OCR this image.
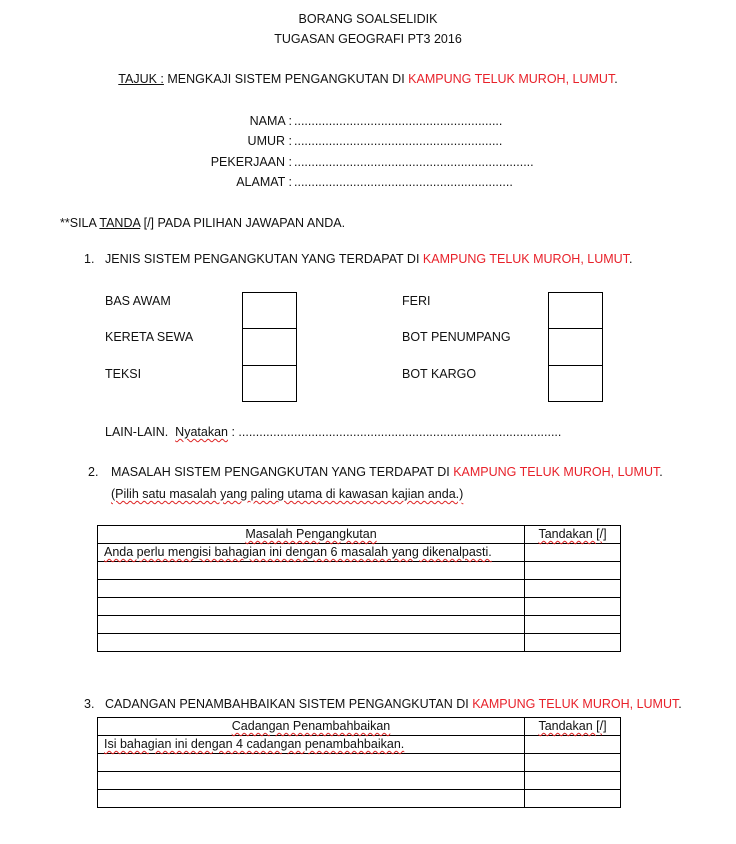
BORANG SOALSELIDIK
TUGASAN GEOGRAFI PT3 2016
TAJUK : MENGKAJI SISTEM PENGANGKUTAN DI KAMPUNG TELUK MUROH, LUMUT.
NAMA : ............................................................
UMUR : ............................................................
PEKERJAAN : .....................................................................
ALAMAT : ...............................................................
**SILA TANDA [/] PADA PILIHAN JAWAPAN ANDA.
1. JENIS SISTEM PENGANGKUTAN YANG TERDAPAT DI KAMPUNG TELUK MUROH, LUMUT.
BAS AWAM
KERETA SEWA
TEKSI
FERI
BOT PENUMPANG
BOT KARGO
LAIN-LAIN. Nyatakan : .............................................................................................
2. MASALAH SISTEM PENGANGKUTAN YANG TERDAPAT DI KAMPUNG TELUK MUROH, LUMUT.
(Pilih satu masalah yang paling utama di kawasan kajian anda.)
Masalah Pengangkutan	Tandakan [/]
Anda perlu mengisi bahagian ini dengan 6 masalah yang dikenalpasti.	

3. CADANGAN PENAMBAHBAIKAN SISTEM PENGANGKUTAN DI KAMPUNG TELUK MUROH, LUMUT.
Cadangan Penambahbaikan	Tandakan [/]
Isi bahagian ini dengan 4 cadangan penambahbaikan.	
